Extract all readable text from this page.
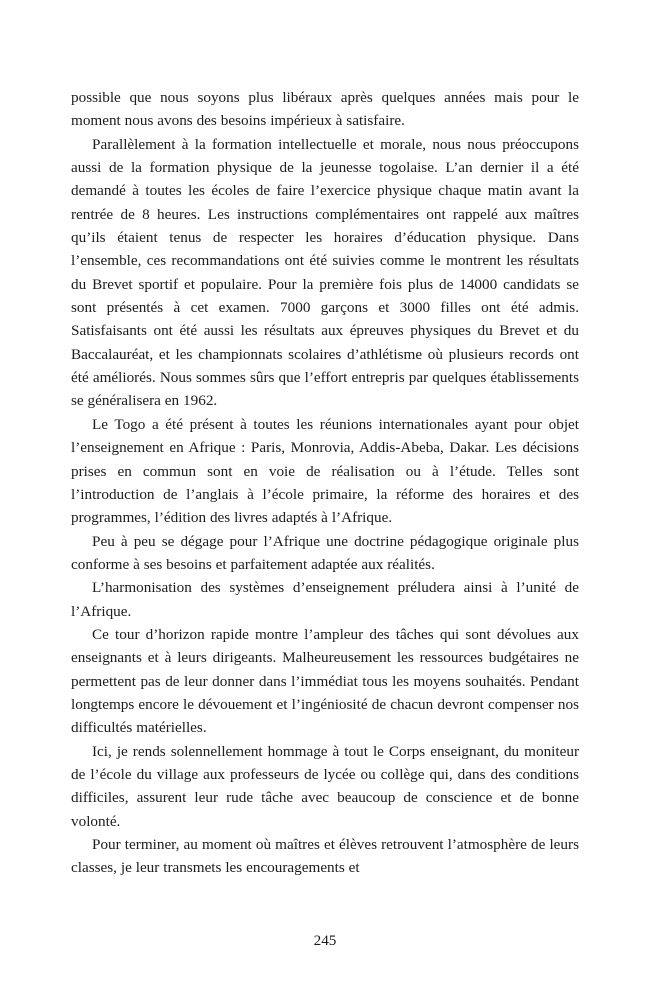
possible que nous soyons plus libéraux après quelques années mais pour le moment nous avons des besoins impérieux à satisfaire.

Parallèlement à la formation intellectuelle et morale, nous nous préoccupons aussi de la formation physique de la jeunesse togolaise. L’an dernier il a été demandé à toutes les écoles de faire l’exercice physique chaque matin avant la rentrée de 8 heures. Les instructions complémentaires ont rappelé aux maîtres qu’ils étaient tenus de respecter les horaires d’éducation physique. Dans l’ensemble, ces recommandations ont été suivies comme le montrent les résultats du Brevet sportif et populaire. Pour la première fois plus de 14000 candidats se sont présentés à cet examen. 7000 garçons et 3000 filles ont été admis. Satisfaisants ont été aussi les résultats aux épreuves physiques du Brevet et du Baccalauréat, et les championnats scolaires d’athlétisme où plusieurs records ont été améliorés. Nous sommes sûrs que l’effort entrepris par quelques établissements se généralisera en 1962.

Le Togo a été présent à toutes les réunions internationales ayant pour objet l’enseignement en Afrique : Paris, Monrovia, Addis-Abeba, Dakar. Les décisions prises en commun sont en voie de réalisation ou à l’étude. Telles sont l’introduction de l’anglais à l’école primaire, la réforme des horaires et des programmes, l’édition des livres adaptés à l’Afrique.

Peu à peu se dégage pour l’Afrique une doctrine pédagogique originale plus conforme à ses besoins et parfaitement adaptée aux réalités.

L’harmonisation des systèmes d’enseignement préludera ainsi à l’unité de l’Afrique.

Ce tour d’horizon rapide montre l’ampleur des tâches qui sont dévolues aux enseignants et à leurs dirigeants. Malheureusement les ressources budgétaires ne permettent pas de leur donner dans l’immédiat tous les moyens souhaités. Pendant longtemps encore le dévouement et l’ingéniosité de chacun devront compenser nos difficultés matérielles.

Ici, je rends solennellement hommage à tout le Corps enseignant, du moniteur de l’école du village aux professeurs de lycée ou collège qui, dans des conditions difficiles, assurent leur rude tâche avec beaucoup de conscience et de bonne volonté.

Pour terminer, au moment où maîtres et élèves retrouvent l’atmosphère de leurs classes, je leur transmets les encouragements et

245
